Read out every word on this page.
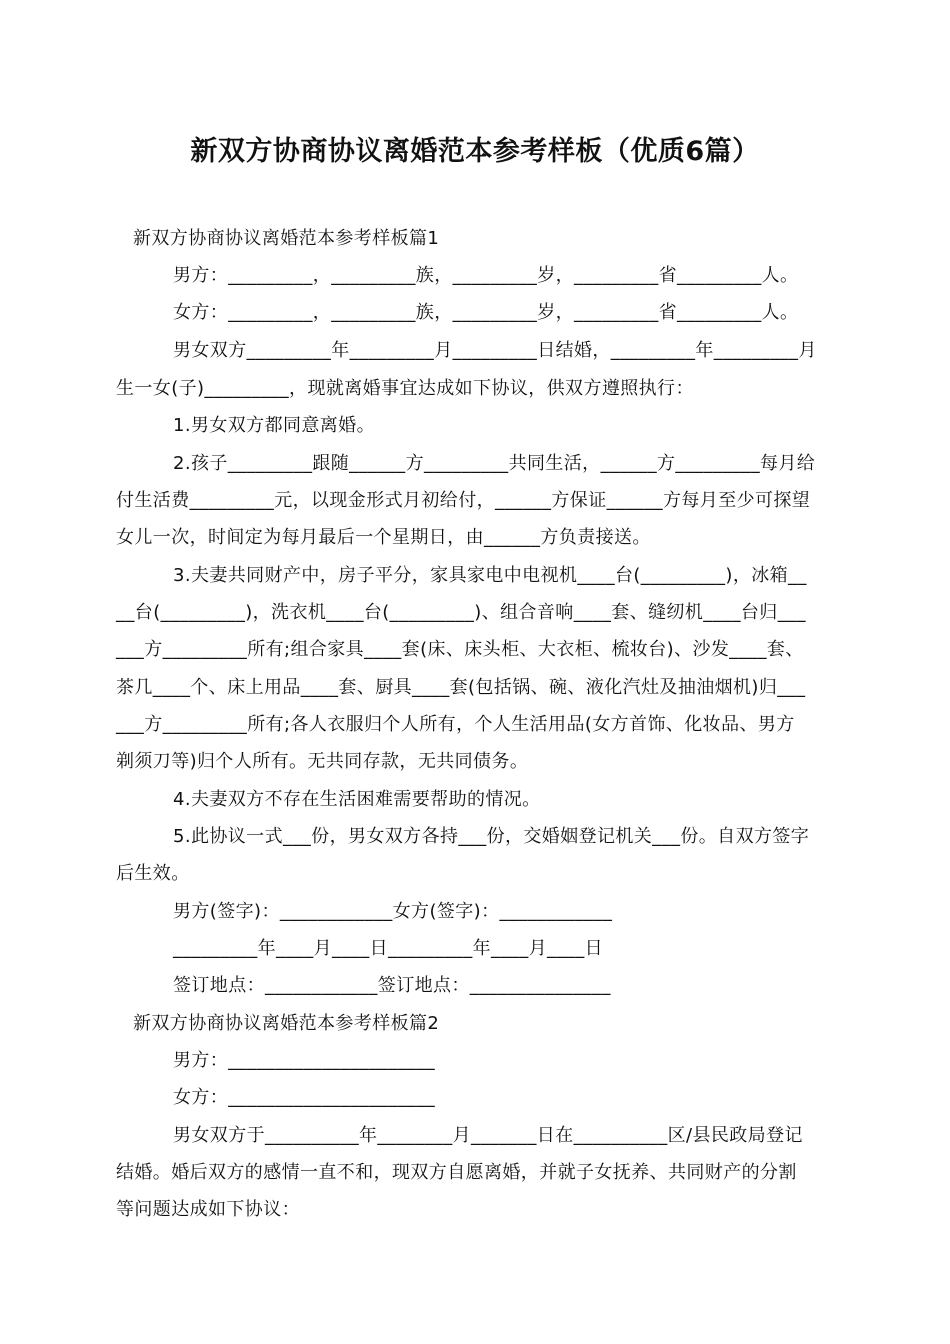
新双方协商协议离婚范本参考样板（优质6篇）
新双方协商协议离婚范本参考样板篇1
男方：_________，_________族，_________岁，_________省_________人。
女方：_________，_________族，_________岁，_________省_________人。
男女双方_________年_________月_________日结婚，_________年_________月
生一女(子)_________，现就离婚事宜达成如下协议，供双方遵照执行：
1.男女双方都同意离婚。
2.孩子_________跟随______方_________共同生活，______方_________每月给
付生活费_________元，以现金形式月初给付，______方保证______方每月至少可探望
女儿一次，时间定为每月最后一个星期日，由______方负责接送。
3.夫妻共同财产中，房子平分，家具家电中电视机____台(_________)，冰箱__
__台(_________)，洗衣机____台(_________)、组合音响____套、缝纫机____台归___
___方_________所有;组合家具____套(床、床头柜、大衣柜、梳妆台)、沙发____套、
茶几____个、床上用品____套、厨具____套(包括锅、碗、液化汽灶及抽油烟机)归___
___方_________所有;各人衣服归个人所有，个人生活用品(女方首饰、化妆品、男方
剃须刀等)归个人所有。无共同存款，无共同债务。
4.夫妻双方不存在生活困难需要帮助的情况。
5.此协议一式___份，男女双方各持___份，交婚姻登记机关___份。自双方签字
后生效。
男方(签字)：____________女方(签字)：____________
_________年____月____日_________年____月____日
签订地点：____________签订地点：_______________
新双方协商协议离婚范本参考样板篇2
男方：______________________
女方：______________________
男女双方于__________年________月_______日在__________区/县民政局登记
结婚。婚后双方的感情一直不和，现双方自愿离婚，并就子女抚养、共同财产的分割
等问题达成如下协议：
